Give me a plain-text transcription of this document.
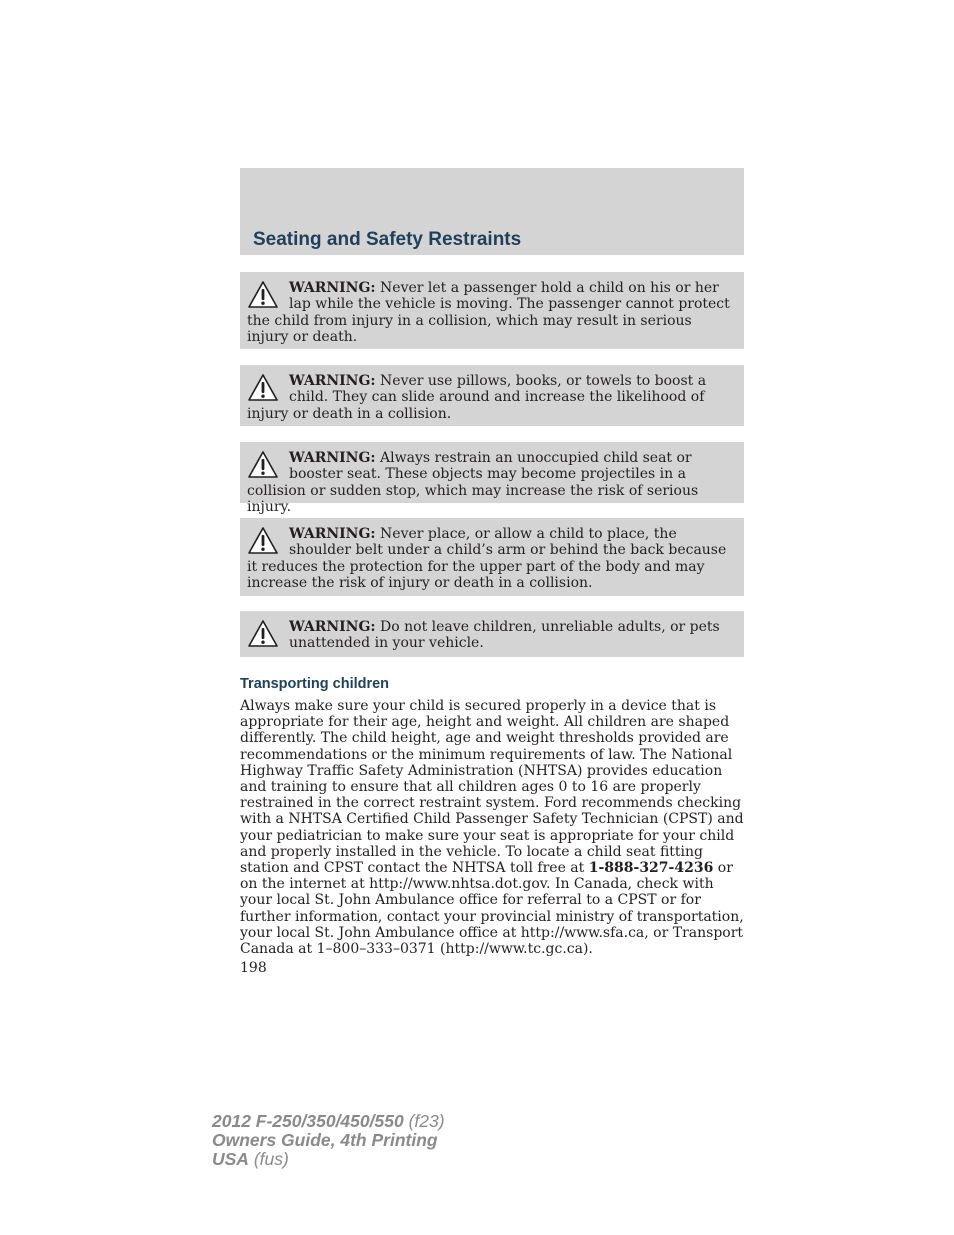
Seating and Safety Restraints
WARNING: Never let a passenger hold a child on his or her lap while the vehicle is moving. The passenger cannot protect the child from injury in a collision, which may result in serious injury or death.
WARNING: Never use pillows, books, or towels to boost a child. They can slide around and increase the likelihood of injury or death in a collision.
WARNING: Always restrain an unoccupied child seat or booster seat. These objects may become projectiles in a collision or sudden stop, which may increase the risk of serious injury.
WARNING: Never place, or allow a child to place, the shoulder belt under a child’s arm or behind the back because it reduces the protection for the upper part of the body and may increase the risk of injury or death in a collision.
WARNING: Do not leave children, unreliable adults, or pets unattended in your vehicle.
Transporting children

Always make sure your child is secured properly in a device that is appropriate for their age, height and weight. All children are shaped differently. The child height, age and weight thresholds provided are recommendations or the minimum requirements of law. The National Highway Traffic Safety Administration (NHTSA) provides education and training to ensure that all children ages 0 to 16 are properly restrained in the correct restraint system. Ford recommends checking with a NHTSA Certified Child Passenger Safety Technician (CPST) and your pediatrician to make sure your seat is appropriate for your child and properly installed in the vehicle. To locate a child seat fitting station and CPST contact the NHTSA toll free at 1-888-327-4236 or on the internet at http://www.nhtsa.dot.gov. In Canada, check with your local St. John Ambulance office for referral to a CPST or for further information, contact your provincial ministry of transportation, your local St. John Ambulance office at http://www.sfa.ca, or Transport Canada at 1–800–333–0371 (http://www.tc.gc.ca).

198
2012 F-250/350/450/550 (f23)
Owners Guide, 4th Printing
USA (fus)
